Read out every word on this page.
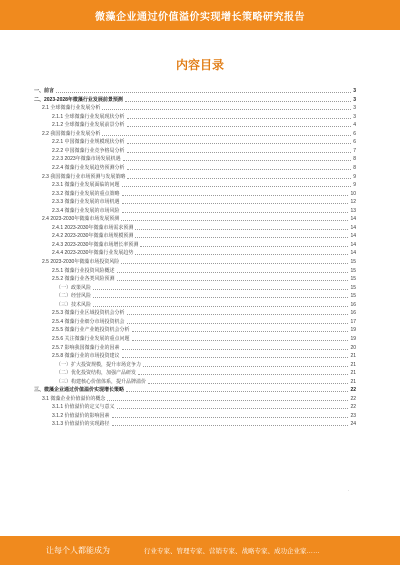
微藻企业通过价值溢价实现增长策略研究报告
内容目录
一、前言	3
二、2023-2028年微藻行业发展前景预测	3
2.1 全球微藻行业发展分析	3
2.1.1 全球微藻行业发展现状分析	3
2.1.2 全球微藻行业发展前景分析	4
2.2 我国微藻行业发展分析	6
2.2.1 中国微藻行业规模现状分析	6
2.2.2 中国微藻行业竞争格局分析	7
2.2.3 2023年微藻市场发展机遇	8
2.2.4 微藻行业发展趋势预测分析	8
2.3 我国微藻行业市场预测与发展策略	9
2.3.1 微藻行业发展面临的问题	9
2.3.2 微藻行业发展的重点策略	10
2.3.3 微藻行业发展的市场机遇	12
2.3.4 微藻行业发展的市场风险	13
2.4 2023-2030年微藻市场发展预测	14
2.4.1 2023-2030年微藻市场需求预测	14
2.4.2 2023-2030年微藻市场规模预测	14
2.4.3 2023-2030年微藻市场增长率预测	14
2.4.4 2023-2030年微藻行业发展趋势	14
2.5 2023-2030年微藻市场投资风险	15
2.5.1 微藻行业投资风险概述	15
2.5.2 微藻行业各类风险预测	15
（一）政策风险	15
（二）经营风险	15
（三）技术风险	16
2.5.3 微藻行业区域投资机会分析	16
2.5.4 微藻行业细分市场投资机会	17
2.5.5 微藻行业产业链投资机会分析	19
2.5.6 关注微藻行业发展的重点问题	19
2.5.7 影响我国微藻行业的因素	20
2.5.8 微藻行业的市场投资建议	21
（一）扩大投资规模，提升市场竞争力	21
（二）优化投资结构，加强产品研发	21
（三）构建核心价值体系，提升品牌溢价	21
三、微藻企业通过价值溢价实现增长策略	22
3.1 微藻企业价值溢价的概念	22
3.1.1 价值溢价的定义与意义	22
3.1.2 价值溢价的影响因素	23
3.1.3 价值溢价的实现路径	24
·
让每个人都能成为	行业专家、管理专家、营销专家、战略专家、成功企业家……
